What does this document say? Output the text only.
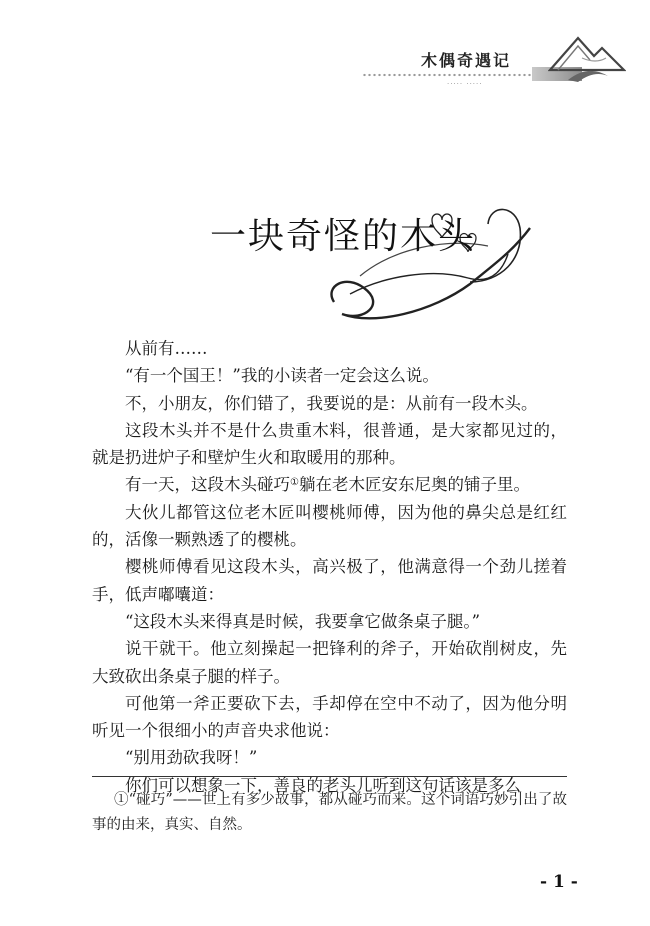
木偶奇遇记
····· ·····
一块奇怪的木头

从前有……

“有一个国王！”我的小读者一定会这么说。

不，小朋友，你们错了，我要说的是：从前有一段木头。

这段木头并不是什么贵重木料，很普通，是大家都见过的，就是扔进炉子和壁炉生火和取暖用的那种。

有一天，这段木头碰巧①躺在老木匠安东尼奥的铺子里。

大伙儿都管这位老木匠叫樱桃师傅，因为他的鼻尖总是红红的，活像一颗熟透了的樱桃。

樱桃师傅看见这段木头，高兴极了，他满意得一个劲儿搓着手，低声嘟囔道：

“这段木头来得真是时候，我要拿它做条桌子腿。”

说干就干。他立刻操起一把锋利的斧子，开始砍削树皮，先大致砍出条桌子腿的样子。

可他第一斧正要砍下去，手却停在空中不动了，因为他分明听见一个很细小的声音央求他说：

“别用劲砍我呀！”

你们可以想象一下，善良的老头儿听到这句话该是多么

①“碰巧”——世上有多少故事，都从碰巧而来。这个词语巧妙引出了故事的由来，真实、自然。

- 1 -
